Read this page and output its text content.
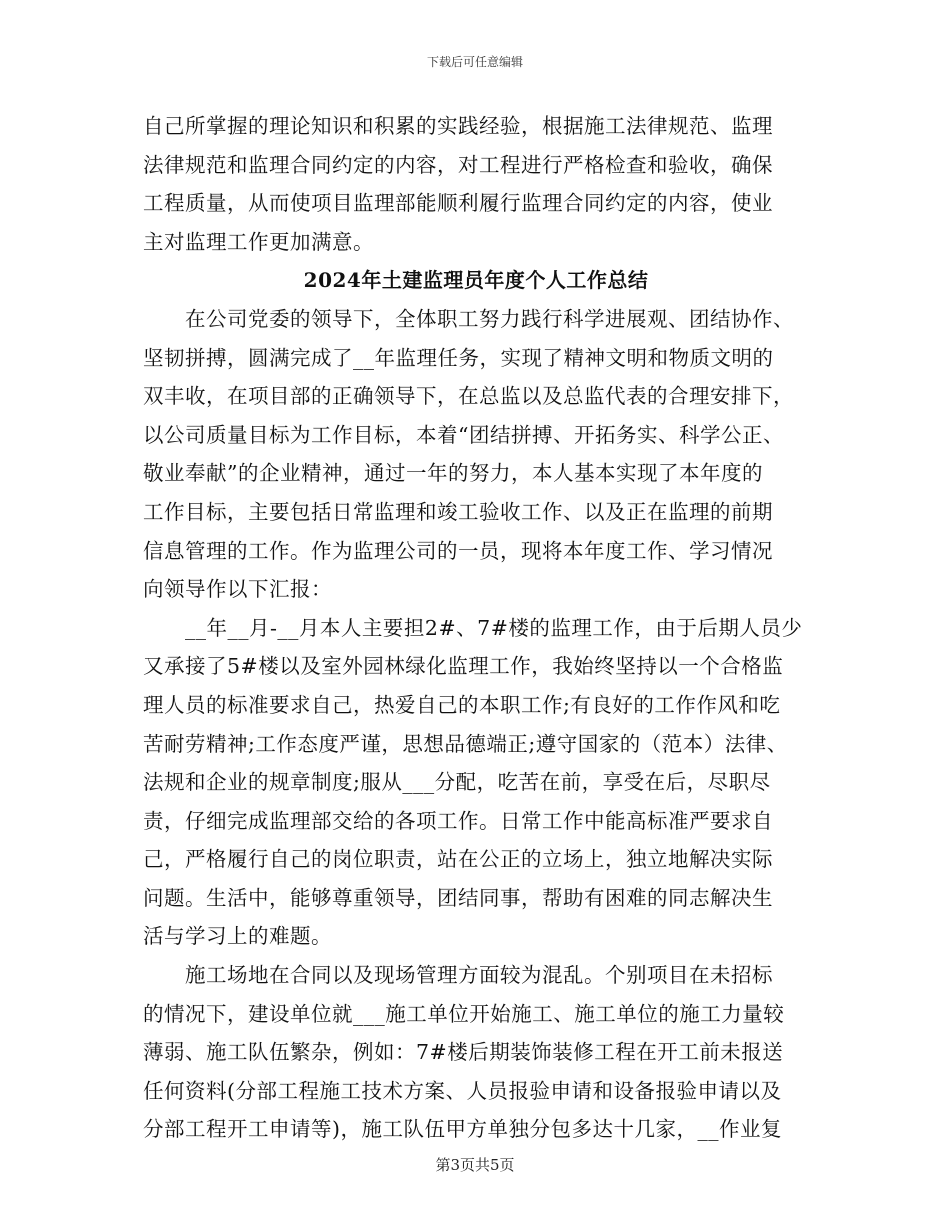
下载后可任意编辑
自己所掌握的理论知识和积累的实践经验，根据施工法律规范、监理
法律规范和监理合同约定的内容，对工程进行严格检查和验收，确保
工程质量，从而使项目监理部能顺利履行监理合同约定的内容，使业
主对监理工作更加满意。
2024年土建监理员年度个人工作总结
在公司党委的领导下，全体职工努力践行科学进展观、团结协作、
坚韧拼搏，圆满完成了__年监理任务，实现了精神文明和物质文明的
双丰收，在项目部的正确领导下，在总监以及总监代表的合理安排下，
以公司质量目标为工作目标，本着“团结拼搏、开拓务实、科学公正、
敬业奉献”的企业精神，通过一年的努力，本人基本实现了本年度的
工作目标，主要包括日常监理和竣工验收工作、以及正在监理的前期
信息管理的工作。作为监理公司的一员，现将本年度工作、学习情况
向领导作以下汇报：
__年__月-__月本人主要担2#、7#楼的监理工作，由于后期人员少
又承接了5#楼以及室外园林绿化监理工作，我始终坚持以一个合格监
理人员的标准要求自己，热爱自己的本职工作;有良好的工作作风和吃
苦耐劳精神;工作态度严谨，思想品德端正;遵守国家的（范本）法律、
法规和企业的规章制度;服从___分配，吃苦在前，享受在后，尽职尽
责，仔细完成监理部交给的各项工作。日常工作中能高标准严要求自
己，严格履行自己的岗位职责，站在公正的立场上，独立地解决实际
问题。生活中，能够尊重领导，团结同事，帮助有困难的同志解决生
活与学习上的难题。
施工场地在合同以及现场管理方面较为混乱。个别项目在未招标
的情况下，建设单位就___施工单位开始施工、施工单位的施工力量较
薄弱、施工队伍繁杂，例如：7#楼后期装饰装修工程在开工前未报送
任何资料(分部工程施工技术方案、人员报验申请和设备报验申请以及
分部工程开工申请等)，施工队伍甲方单独分包多达十几家，__作业复
第3页共5页
